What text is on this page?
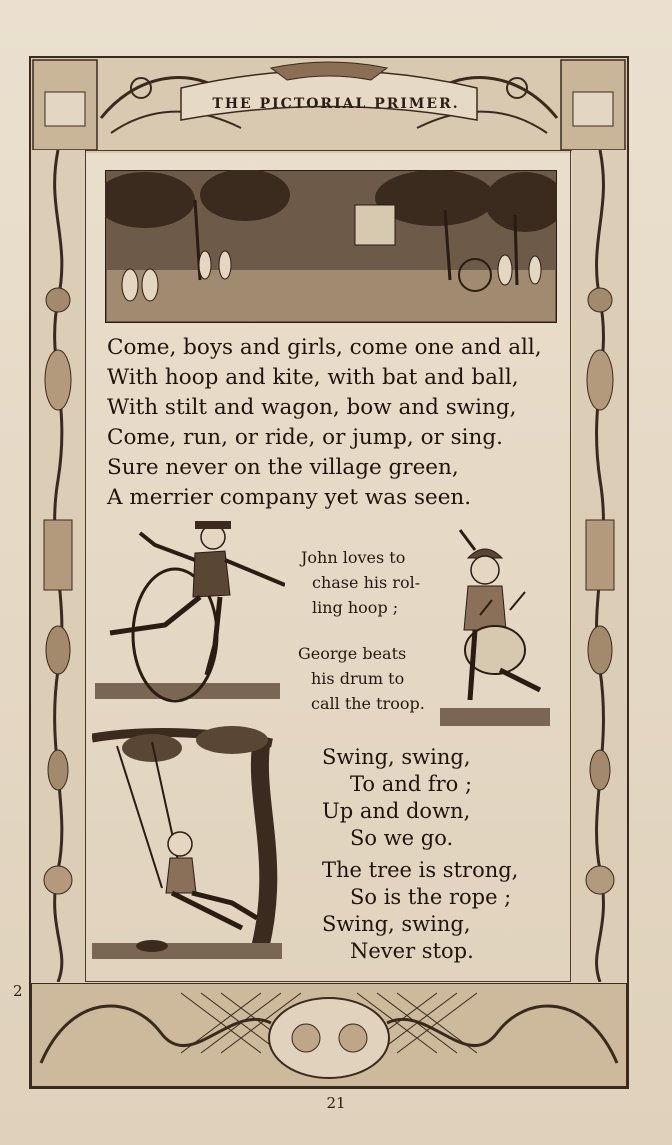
THE PICTORIAL PRIMER.
Come, boys and girls, come one and all,
With hoop and kite, with bat and ball,
With stilt and wagon, bow and swing,
Come, run, or ride, or jump, or sing.
Sure never on the village green,
A merrier company yet was seen.
John loves to
chase his rol-
ling hoop ;
George beats
his drum to
call the troop.
Swing, swing,
To and fro ;
Up and down,
So we go.
The tree is strong,
So is the rope ;
Swing, swing,
Never stop.
2
21
